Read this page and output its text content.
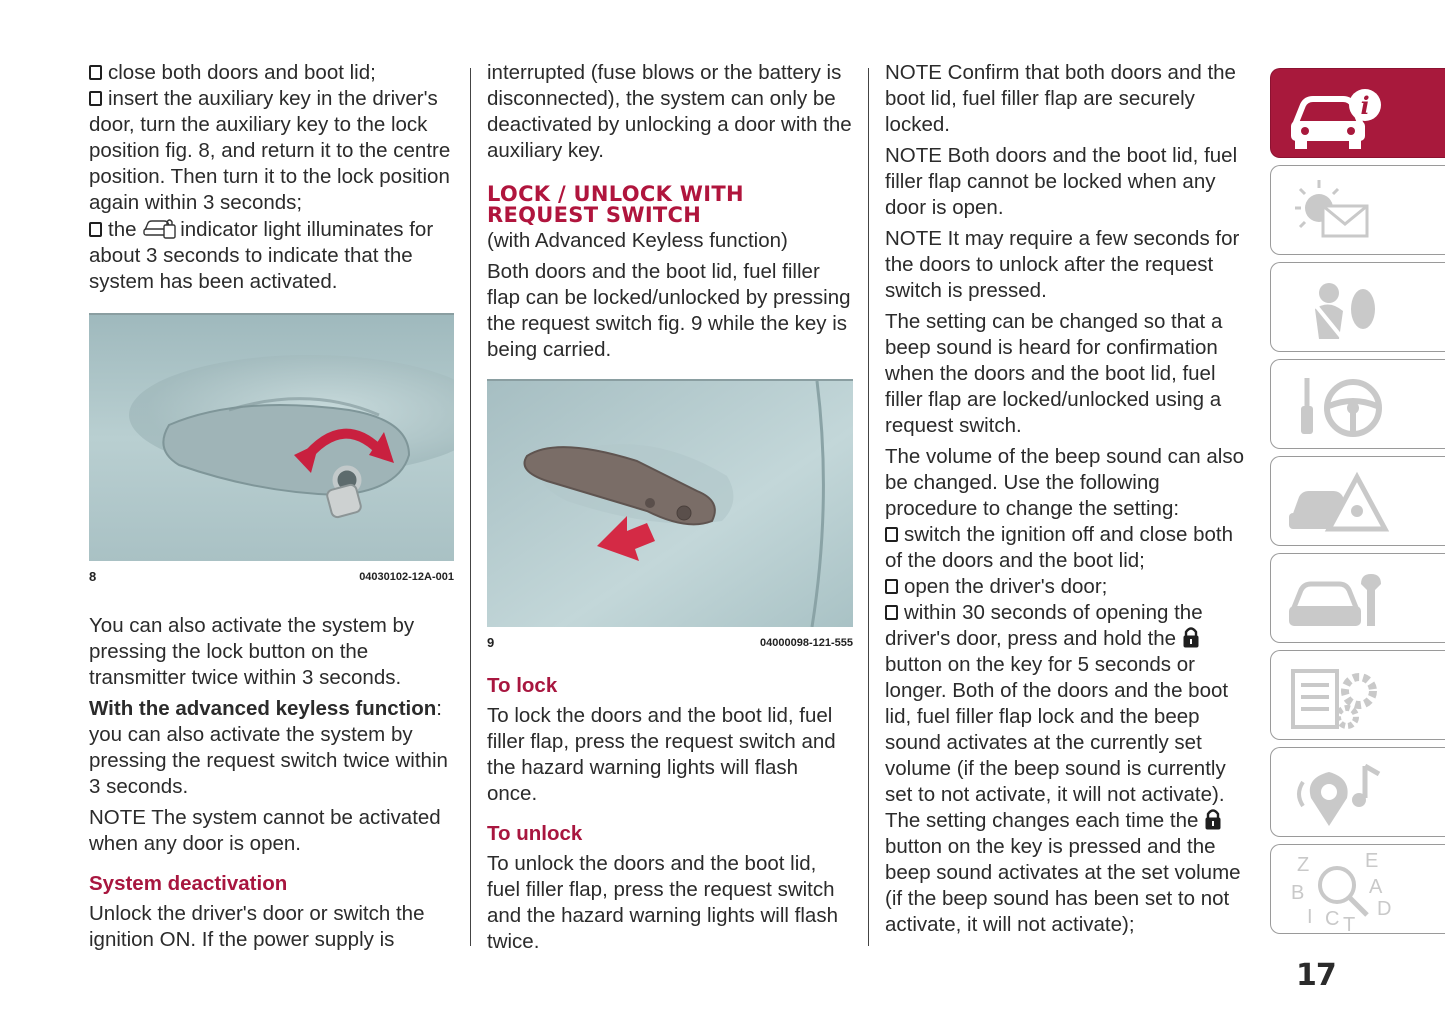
close both doors and boot lid;

insert the auxiliary key in the driver's door, turn the auxiliary key to the lock position fig. 8, and return it to the centre position. Then turn it to the lock position again within 3 seconds;

the indicator light illuminates for about 3 seconds to indicate that the system has been activated.

8	04030102-12A-001

You can also activate the system by pressing the lock button on the transmitter twice within 3 seconds.

With the advanced keyless function: you can also activate the system by pressing the request switch twice within 3 seconds.

NOTE The system cannot be activated when any door is open.

System deactivation

Unlock the driver's door or switch the ignition ON. If the power supply is

interrupted (fuse blows or the battery is disconnected), the system can only be deactivated by unlocking a door with the auxiliary key.

LOCK / UNLOCK WITH
REQUEST SWITCH

(with Advanced Keyless function)

Both doors and the boot lid, fuel filler flap can be locked/unlocked by pressing the request switch fig. 9 while the key is being carried.

9	04000098-121-555
To lock

To lock the doors and the boot lid, fuel filler flap, press the request switch and the hazard warning lights will flash once.

To unlock

To unlock the doors and the boot lid, fuel filler flap, press the request switch and the hazard warning lights will flash twice.

NOTE Confirm that both doors and the boot lid, fuel filler flap are securely locked.

NOTE Both doors and the boot lid, fuel filler flap cannot be locked when any door is open.

NOTE It may require a few seconds for the doors to unlock after the request switch is pressed.

The setting can be changed so that a beep sound is heard for confirmation when the doors and the boot lid, fuel filler flap are locked/unlocked using a request switch.

The volume of the beep sound can also be changed. Use the following procedure to change the setting:

switch the ignition off and close both of the doors and the boot lid;

open the driver's door;

within 30 seconds of opening the driver's door, press and hold the button on the key for 5 seconds or longer. Both of the doors and the boot lid, fuel filler flap lock and the beep sound activates at the currently set volume (if the beep sound is currently set to not activate, it will not activate). The setting changes each time the button on the key is pressed and the beep sound activates at the set volume (if the beep sound has been set to not activate, it will not activate);

i
Z	E
B	A
I C T
D
17
